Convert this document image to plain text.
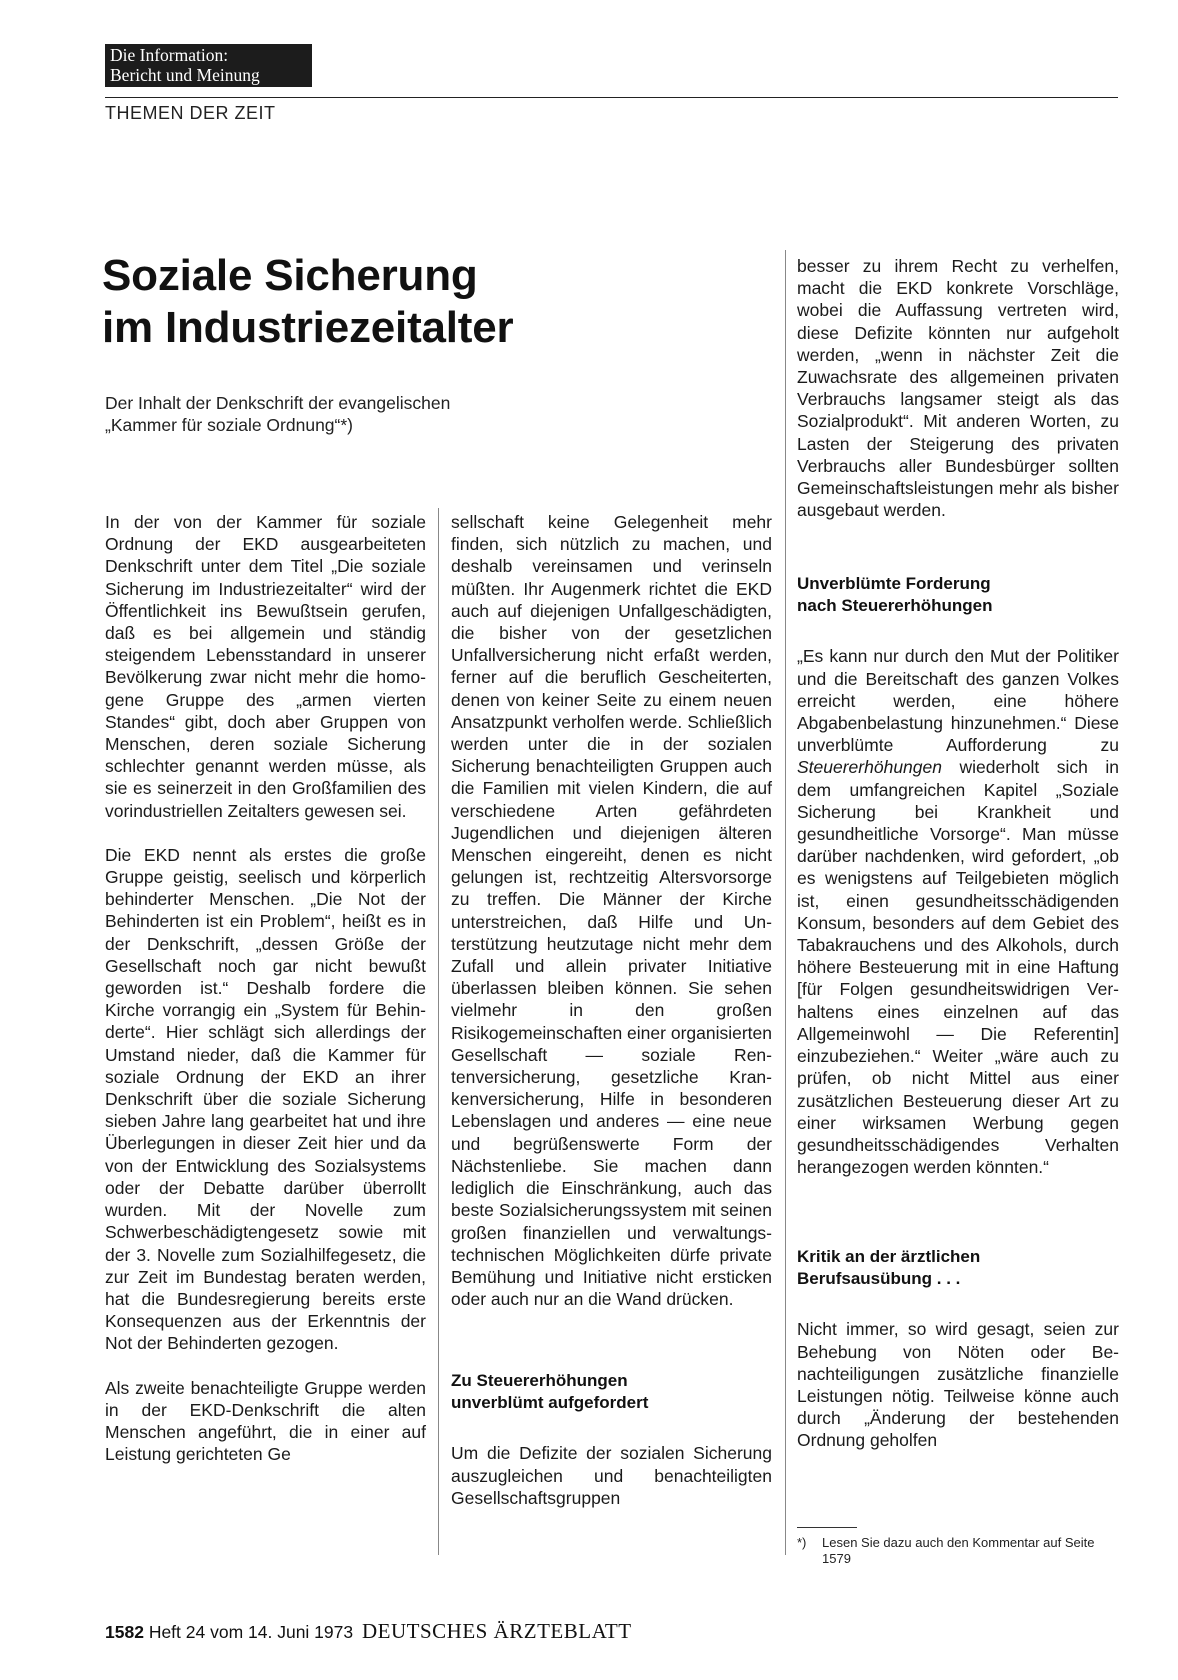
Die Information:
Bericht und Meinung
THEMEN DER ZEIT
Soziale Sicherung
im Industriezeitalter
Der Inhalt der Denkschrift der evangelischen
„Kammer für soziale Ordnung“*)

In der von der Kammer für soziale Ordnung der EKD ausgearbeiteten Denkschrift unter dem Titel „Die soziale Sicherung im Industriezeitalter“ wird der Öffentlichkeit ins Bewußtsein gerufen, daß es bei allgemein und ständig steigendem Lebensstandard in unserer Bevölkerung zwar nicht mehr die homogene Gruppe des „armen vierten Standes“ gibt, doch aber Gruppen von Menschen, deren soziale Sicherung schlechter genannt werden müsse, als sie es seinerzeit in den Großfamilien des vorindustriellen Zeitalters gewesen sei.

Die EKD nennt als erstes die große Gruppe geistig, seelisch und körperlich behinderter Menschen. „Die Not der Behinderten ist ein Problem“, heißt es in der Denkschrift, „dessen Größe der Gesellschaft noch gar nicht bewußt geworden ist.“ Deshalb fordere die Kirche vorrangig ein „System für Behinderte“. Hier schlägt sich allerdings der Umstand nieder, daß die Kammer für soziale Ordnung der EKD an ihrer Denkschrift über die soziale Sicherung sieben Jahre lang gearbeitet hat und ihre Überlegungen in dieser Zeit hier und da von der Entwicklung des Sozialsystems oder der Debatte darüber überrollt wurden. Mit der Novelle zum Schwerbeschädigtengesetz sowie mit der 3. Novelle zum Sozialhilfegesetz, die zur Zeit im Bundestag beraten werden, hat die Bundesregierung bereits erste Konsequenzen aus der Erkenntnis der Not der Behinderten gezogen.

Als zweite benachteiligte Gruppe werden in der EKD-Denkschrift die alten Menschen angeführt, die in einer auf Leistung gerichteten Ge

sellschaft keine Gelegenheit mehr finden, sich nützlich zu machen, und deshalb vereinsamen und verinseln müßten. Ihr Augenmerk richtet die EKD auch auf diejenigen Unfallgeschädigten, die bisher von der gesetzlichen Unfallversicherung nicht erfaßt werden, ferner auf die beruflich Gescheiterten, denen von keiner Seite zu einem neuen Ansatzpunkt verholfen werde. Schließlich werden unter die in der sozialen Sicherung benachteiligten Gruppen auch die Familien mit vielen Kindern, die auf verschiedene Arten gefährdeten Jugendlichen und diejenigen älteren Menschen eingereiht, denen es nicht gelungen ist, rechtzeitig Altersvorsorge zu treffen. Die Männer der Kirche unterstreichen, daß Hilfe und Unterstützung heutzutage nicht mehr dem Zufall und allein privater Initiative überlassen bleiben können. Sie sehen vielmehr in den großen Risikogemeinschaften einer organisierten Gesellschaft — soziale Rentenversicherung, gesetzliche Krankenversicherung, Hilfe in besonderen Lebenslagen und anderes — eine neue und begrüßenswerte Form der Nächstenliebe. Sie machen dann lediglich die Einschränkung, auch das beste Sozialsicherungssystem mit seinen großen finanziellen und verwaltungstechnischen Möglichkeiten dürfe private Bemühung und Initiative nicht ersticken oder auch nur an die Wand drücken.

Zu Steuererhöhungen
unverblümt aufgefordert

Um die Defizite der sozialen Sicherung auszugleichen und benachteiligten Gesellschaftsgruppen

besser zu ihrem Recht zu verhelfen, macht die EKD konkrete Vorschläge, wobei die Auffassung vertreten wird, diese Defizite könnten nur aufgeholt werden, „wenn in nächster Zeit die Zuwachsrate des allgemeinen privaten Verbrauchs langsamer steigt als das Sozialprodukt“. Mit anderen Worten, zu Lasten der Steigerung des privaten Verbrauchs aller Bundesbürger sollten Gemeinschaftsleistungen mehr als bisher ausgebaut werden.

Unverblümte Forderung
nach Steuererhöhungen

„Es kann nur durch den Mut der Politiker und die Bereitschaft des ganzen Volkes erreicht werden, eine höhere Abgabenbelastung hinzunehmen.“ Diese unverblümte Aufforderung zu Steuererhöhungen wiederholt sich in dem umfangreichen Kapitel „Soziale Sicherung bei Krankheit und gesundheitliche Vorsorge“. Man müsse darüber nachdenken, wird gefordert, „ob es wenigstens auf Teilgebieten möglich ist, einen gesundheitsschädigenden Konsum, besonders auf dem Gebiet des Tabakrauchens und des Alkohols, durch höhere Besteuerung mit in eine Haftung [für Folgen gesundheitswidrigen Verhaltens eines einzelnen auf das Allgemeinwohl — Die Referentin] einzubeziehen.“ Weiter „wäre auch zu prüfen, ob nicht Mittel aus einer zusätzlichen Besteuerung dieser Art zu einer wirksamen Werbung gegen gesundheitsschädigendes Verhalten herangezogen werden könnten.“

Kritik an der ärztlichen
Berufsausübung . . .

Nicht immer, so wird gesagt, seien zur Behebung von Nöten oder Benachteiligungen zusätzliche finanzielle Leistungen nötig. Teilweise könne auch durch „Änderung der bestehenden Ordnung geholfen

*) Lesen Sie dazu auch den Kommentar auf Seite 1579
1582 Heft 24 vom 14. Juni 1973 DEUTSCHES ÄRZTEBLATT
